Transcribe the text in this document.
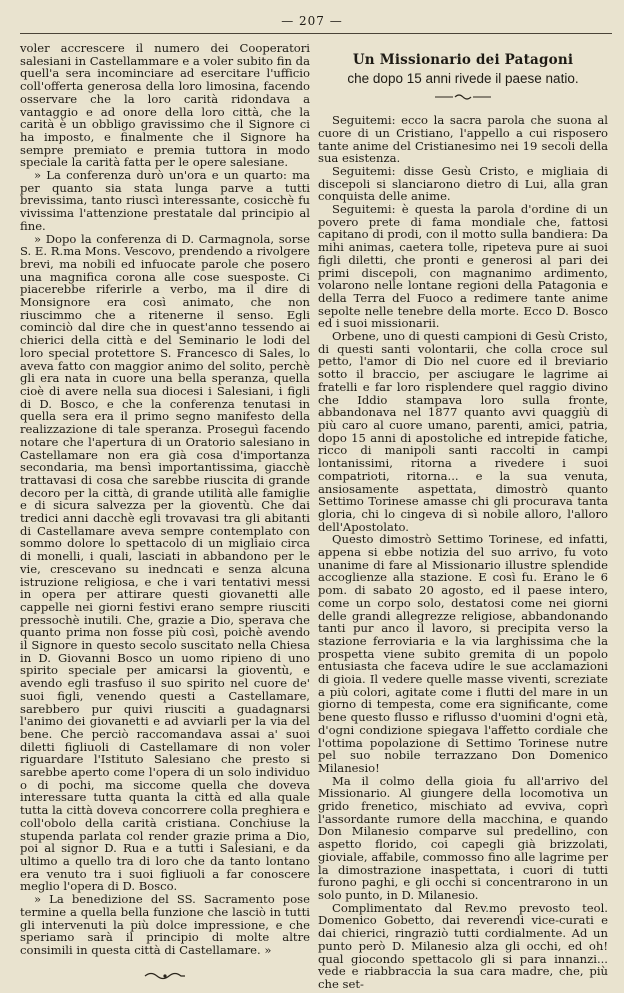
— 207 —

voler accrescere il numero dei Cooperatori salesiani in Castellammare e a voler subito fin da quell'a sera incominciare ad esercitare l'ufficio coll'offerta generosa della loro limosina, facendo osservare che la loro carità ridondava a vantaggio e ad onore della loro città, che la carità è un obbligo gravissimo che il Signore ci ha imposto, e finalmente che il Signore ha sempre premiato e premia tuttora in modo speciale la carità fatta per le opere salesiane.

» La conferenza durò un'ora e un quarto: ma per quanto sia stata lunga parve a tutti brevissima, tanto riuscì interessante, cosicchè fu vivissima l'attenzione prestatale dal principio al fine.

» Dopo la conferenza di D. Carmagnola, sorse S. E. R.ma Mons. Vescovo, prendendo a rivolgere brevi, ma nobili ed infuocate parole che posero una magnifica corona alle cose suesposte. Ci piacerebbe riferirle a verbo, ma il dire di Monsignore era così animato, che non riuscimmo che a ritenerne il senso. Egli cominciò dal dire che in quest'anno tessendo ai chierici della città e del Seminario le lodi del loro special protettore S. Francesco di Sales, lo aveva fatto con maggior animo del solito, perchè gli era nata in cuore una bella speranza, quella cioè di avere nella sua diocesi i Salesiani, i figli di D. Bosco, e che la conferenza tenutasi in quella sera era il primo segno manifesto della realizzazione di tale speranza. Proseguì facendo notare che l'apertura di un Oratorio salesiano in Castellamare non era già cosa d'importanza secondaria, ma bensì importantissima, giacchè trattavasi di cosa che sarebbe riuscita di grande decoro per la città, di grande utilità alle famiglie e di sicura salvezza per la gioventù. Che dai tredici anni dacchè egli trovavasi tra gli abitanti di Castellamare aveva sempre contemplato con sommo dolore lo spettacolo di un migliaio circa di monelli, i quali, lasciati in abbandono per le vie, crescevano su inedncati e senza alcuna istruzione religiosa, e che i vari tentativi messi in opera per attirare questi giovanetti alle cappelle nei giorni festivi erano sempre riusciti pressochè inutili. Che, grazie a Dio, sperava che quanto prima non fosse più così, poichè avendo il Signore in questo secolo suscitato nella Chiesa in D. Giovanni Bosco un uomo ripieno di uno spirito speciale per amicarsi la gioventù, e avendo egli trasfuso il suo spirito nel cuore de' suoi figli, venendo questi a Castellamare, sarebbero pur quivi riusciti a guadagnarsi l'animo dei giovanetti e ad avviarli per la via del bene. Che perciò raccomandava assai a' suoi diletti figliuoli di Castellamare di non voler riguardare l'Istituto Salesiano che presto si sarebbe aperto come l'opera di un solo individuo o di pochi, ma siccome quella che doveva interessare tutta quanta la città ed alla quale tutta la città doveva concorrere colla preghiera e coll'obolo della carità cristiana. Conchiuse la stupenda parlata col render grazie prima a Dio, poi al signor D. Rua e a tutti i Salesiani, e da ultimo a quello tra di loro che da tanto lontano era venuto tra i suoi figliuoli a far conoscere meglio l'opera di D. Bosco.

» La benedizione del SS. Sacramento pose termine a quella bella funzione che lasciò in tutti gli intervenuti la più dolce impressione, e che speriamo sarà il principio di molte altre consimili in questa città di Castellamare. »

Un Missionario dei Patagoni
che dopo 15 anni rivede il paese natio.

Seguitemi: ecco la sacra parola che suona al cuore di un Cristiano, l'appello a cui risposero tante anime del Cristianesimo nei 19 secoli della sua esistenza.

Seguitemi: disse Gesù Cristo, e migliaia di discepoli si slanciarono dietro di Lui, alla gran conquista delle anime.

Seguitemi: è questa la parola d'ordine di un povero prete di fama mondiale che, fattosi capitano di prodi, con il motto sulla bandiera: Da mihi animas, caetera tolle, ripeteva pure ai suoi figli diletti, che pronti e generosi al pari dei primi discepoli, con magnanimo ardimento, volarono nelle lontane regioni della Patagonia e della Terra del Fuoco a redimere tante anime sepolte nelle tenebre della morte. Ecco D. Bosco ed i suoi missionarii.

Orbene, uno di questi campioni di Gesù Cristo, di questi santi volontarii, che colla croce sul petto, l'amor di Dio nel cuore ed il breviario sotto il braccio, per asciugare le lagrime ai fratelli e far loro risplendere quel raggio divino che Iddio stampava loro sulla fronte, abbandonava nel 1877 quanto avvi quaggiù di più caro al cuore umano, parenti, amici, patria, dopo 15 anni di apostoliche ed intrepide fatiche, ricco di manipoli santi raccolti in campi lontanissimi, ritorna a rivedere i suoi compatrioti, ritorna... e la sua venuta, ansiosamente aspettata, dimostrò quanto Settimo Torinese amasse chi gli procurava tanta gloria, chi lo cingeva di sì nobile alloro, l'alloro dell'Apostolato.

Questo dimostrò Settimo Torinese, ed infatti, appena si ebbe notizia del suo arrivo, fu voto unanime di fare al Missionario illustre splendide accoglienze alla stazione. E così fu. Erano le 6 pom. di sabato 20 agosto, ed il paese intero, come un corpo solo, destatosi come nei giorni delle grandi allegrezze religiose, abbandonando tanti pur anco il lavoro, si precipita verso la stazione ferroviaria e la via larghissima che la prospetta viene subito gremita di un popolo entusiasta che faceva udire le sue acclamazioni di gioia. Il vedere quelle masse viventi, screziate a più colori, agitate come i flutti del mare in un giorno di tempesta, come era significante, come bene questo flusso e riflusso d'uomini d'ogni età, d'ogni condizione spiegava l'affetto cordiale che l'ottima popolazione di Settimo Torinese nutre pel suo nobile terrazzano Don Domenico Milanesio!

Ma il colmo della gioia fu all'arrivo del Missionario. Al giungere della locomotiva un grido frenetico, mischiato ad evviva, coprì l'assordante rumore della macchina, e quando Don Milanesio comparve sul predellino, con aspetto florido, coi capegli già brizzolati, gioviale, affabile, commosso fino alle lagrime per la dimostrazione inaspettata, i cuori di tutti furono paghi, e gli occhi si concentrarono in un solo punto, in D. Milanesio.

Complimentato dal Rev.mo prevosto teol. Domenico Gobetto, dai reverendi vice-curati e dai chierici, ringraziò tutti cordialmente. Ad un punto però D. Milanesio alza gli occhi, ed oh! qual giocondo spettacolo gli si para innanzi... vede e riabbraccia la sua cara madre, che, più che set-
